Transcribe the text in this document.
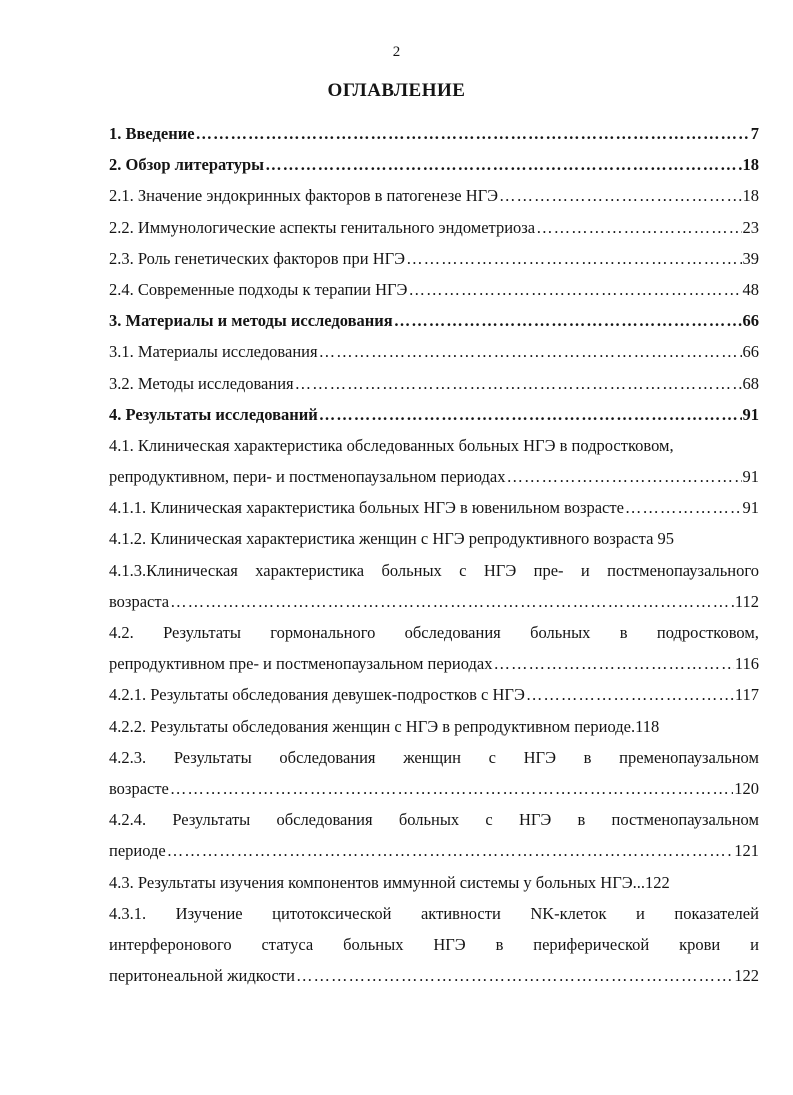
2
ОГЛАВЛЕНИЕ
1. Введение ………………………………………………………………………………………………………………………………………………………………………………	7
2. Обзор литературы ………………………………………………………………………………………………………………………………………………………………………………	18
2.1. Значение эндокринных факторов в патогенезе НГЭ ………………………………………………………………………………………………………………………………………………………………………………	18
2.2. Иммунологические аспекты генитального эндометриоза ………………………………………………………………………………………………………………………………………………………………………………	23
2.3. Роль генетических факторов при НГЭ ………………………………………………………………………………………………………………………………………………………………………………	39
2.4. Современные подходы к терапии НГЭ ………………………………………………………………………………………………………………………………………………………………………………	48
3. Материалы и методы исследования ………………………………………………………………………………………………………………………………………………………………………………	66
3.1. Материалы исследования ………………………………………………………………………………………………………………………………………………………………………………	66
3.2. Методы исследования ………………………………………………………………………………………………………………………………………………………………………………	68
4. Результаты исследований ………………………………………………………………………………………………………………………………………………………………………………	91
4.1. Клиническая характеристика обследованных больных НГЭ в подростковом,
репродуктивном, пери- и постменопаузальном периодах ………………………………………………………………………………………………………………………………………………………………………………	91
4.1.1. Клиническая характеристика больных НГЭ в ювенильном возрасте ………………………………………………………………………………………………………………………………………………………………………………	91
4.1.2. Клиническая характеристика женщин с НГЭ репродуктивного возраста 95
4.1.3.Клиническая характеристика больных с НГЭ пре- и постменопаузального
возраста ………………………………………………………………………………………………………………………………………………………………………………	112
4.2. Результаты гормонального обследования больных в подростковом,
репродуктивном пре- и постменопаузальном периодах ………………………………………………………………………………………………………………………………………………………………………………	116
4.2.1. Результаты обследования девушек-подростков с НГЭ ………………………………………………………………………………………………………………………………………………………………………………	117
4.2.2. Результаты обследования женщин с НГЭ в репродуктивном периоде.118
4.2.3. Результаты обследования женщин с НГЭ в пременопаузальном
возрасте ………………………………………………………………………………………………………………………………………………………………………………	120
4.2.4. Результаты обследования больных с НГЭ в постменопаузальном
периоде ………………………………………………………………………………………………………………………………………………………………………………	121
4.3. Результаты изучения компонентов иммунной системы у больных НГЭ...122
4.3.1. Изучение цитотоксической активности NK-клеток и показателей
интерферонового статуса больных НГЭ в периферической крови и
перитонеальной жидкости ………………………………………………………………………………………………………………………………………………………………………………	122
